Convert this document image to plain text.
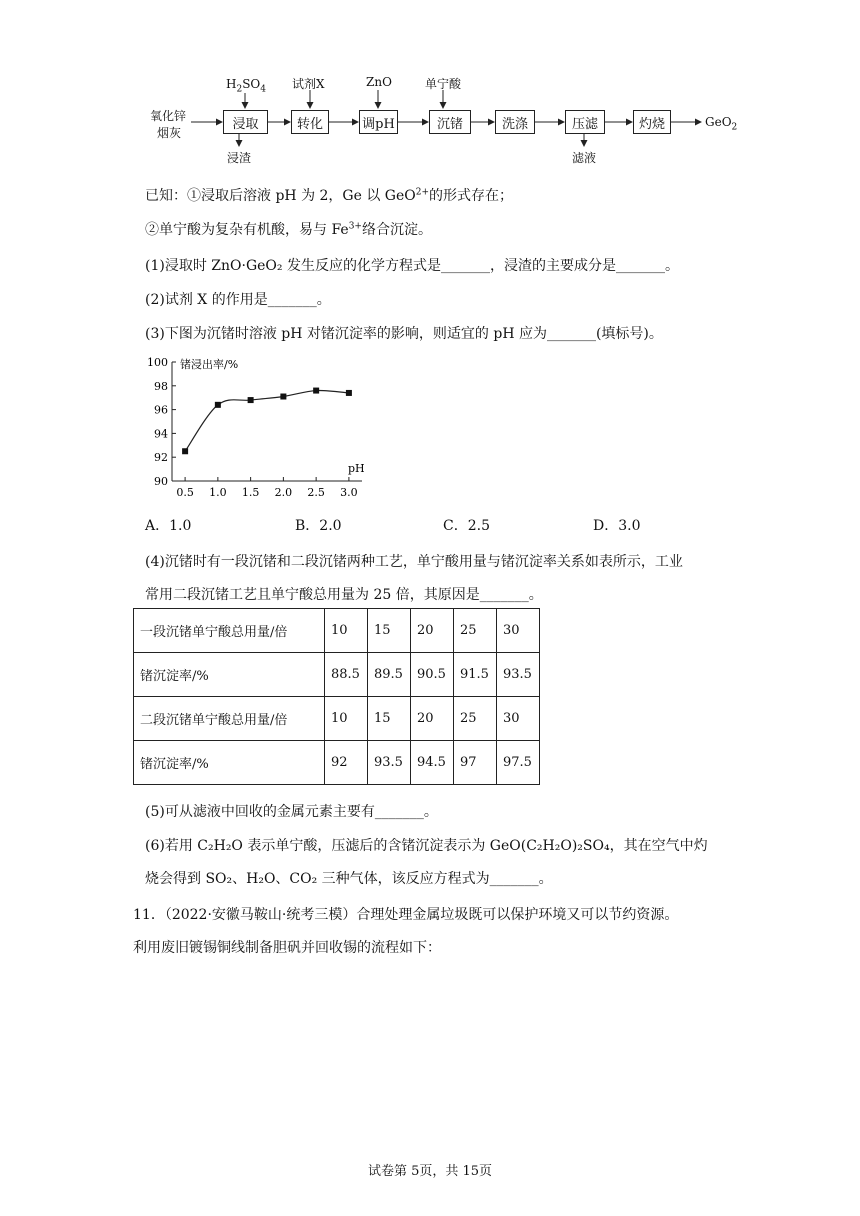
氧化锌
烟灰
浸取	转化	调pH	沉锗	洗涤	压滤	灼烧
$H_2SO_4$ 试剂X	ZnO	单宁酸
浸渣	滤液
GeO$_2$
已知：①浸取后溶液 pH 为 2，Ge 以 GeO$^{2+}$的形式存在；
②单宁酸为复杂有机酸，易与 $Fe^{3+}$络合沉淀。
(1)浸取时 ZnO·GeO₂ 发生反应的化学方程式是_______，浸渣的主要成分是_______。
(2)试剂 X 的作用是_______。
(3)下图为沉锗时溶液 pH 对锗沉淀率的影响，则适宜的 pH 应为_______(填标号)。
90
92
94
96
98
100
0.5 1.0 1.5 2.0 2.5 3.0
锗浸出率/%
pH
A．1.0	B．2.0	C．2.5	D．3.0
(4)沉锗时有一段沉锗和二段沉锗两种工艺，单宁酸用量与锗沉淀率关系如表所示，工业
常用二段沉锗工艺且单宁酸总用量为 25 倍，其原因是_______。
一段沉锗单宁酸总用量/倍	10	15	20	25	30
锗沉淀率/%	88.5	89.5	90.5	91.5	93.5
二段沉锗单宁酸总用量/倍	10	15	20	25	30
锗沉淀率/%	92	93.5	94.5	97	97.5
(5)可从滤液中回收的金属元素主要有_______。
(6)若用 C₂H₂O 表示单宁酸，压滤后的含锗沉淀表示为 GeO(C₂H₂O)₂SO₄，其在空气中灼
烧会得到 SO₂、H₂O、CO₂ 三种气体，该反应方程式为_______。
11．（2022·安徽马鞍山·统考三模）合理处理金属垃圾既可以保护环境又可以节约资源。
利用废旧镀锡铜线制备胆矾并回收锡的流程如下：
试卷第 5页，共 15页
